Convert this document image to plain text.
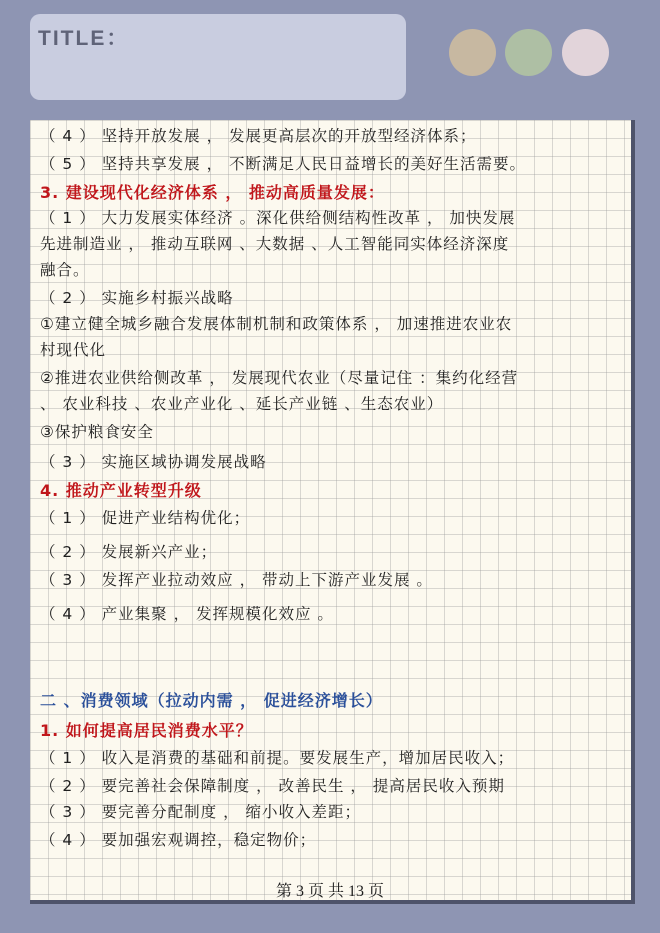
TITLE：
（ 4 ） 坚持开放发展 ， 发展更高层次的开放型经济体系；
（ 5 ） 坚持共享发展 ， 不断满足人民日益增长的美好生活需要。
3. 建设现代化经济体系 ， 推动高质量发展：
（ 1 ） 大力发展实体经济 。深化供给侧结构性改革 ， 加快发展
先进制造业 ， 推动互联网 、大数据 、人工智能同实体经济深度
融合。
（ 2 ） 实施乡村振兴战略
①建立健全城乡融合发展体制机制和政策体系 ， 加速推进农业农
村现代化
②推进农业供给侧改革 ， 发展现代农业（尽量记住 ：集约化经营
、 农业科技 、农业产业化 、延长产业链 、生态农业）
③保护粮食安全
（ 3 ） 实施区域协调发展战略
4. 推动产业转型升级
（ 1 ） 促进产业结构优化；
（ 2 ） 发展新兴产业；
（ 3 ） 发挥产业拉动效应 ， 带动上下游产业发展 。
（ 4 ） 产业集聚 ， 发挥规模化效应 。
二 、消费领域（拉动内需 ， 促进经济增长）
1. 如何提高居民消费水平？
（ 1 ） 收入是消费的基础和前提。要发展生产，增加居民收入；
（ 2 ） 要完善社会保障制度 ， 改善民生 ， 提高居民收入预期
（ 3 ） 要完善分配制度 ， 缩小收入差距；
（ 4 ） 要加强宏观调控，稳定物价；
第 3 页 共 13 页
